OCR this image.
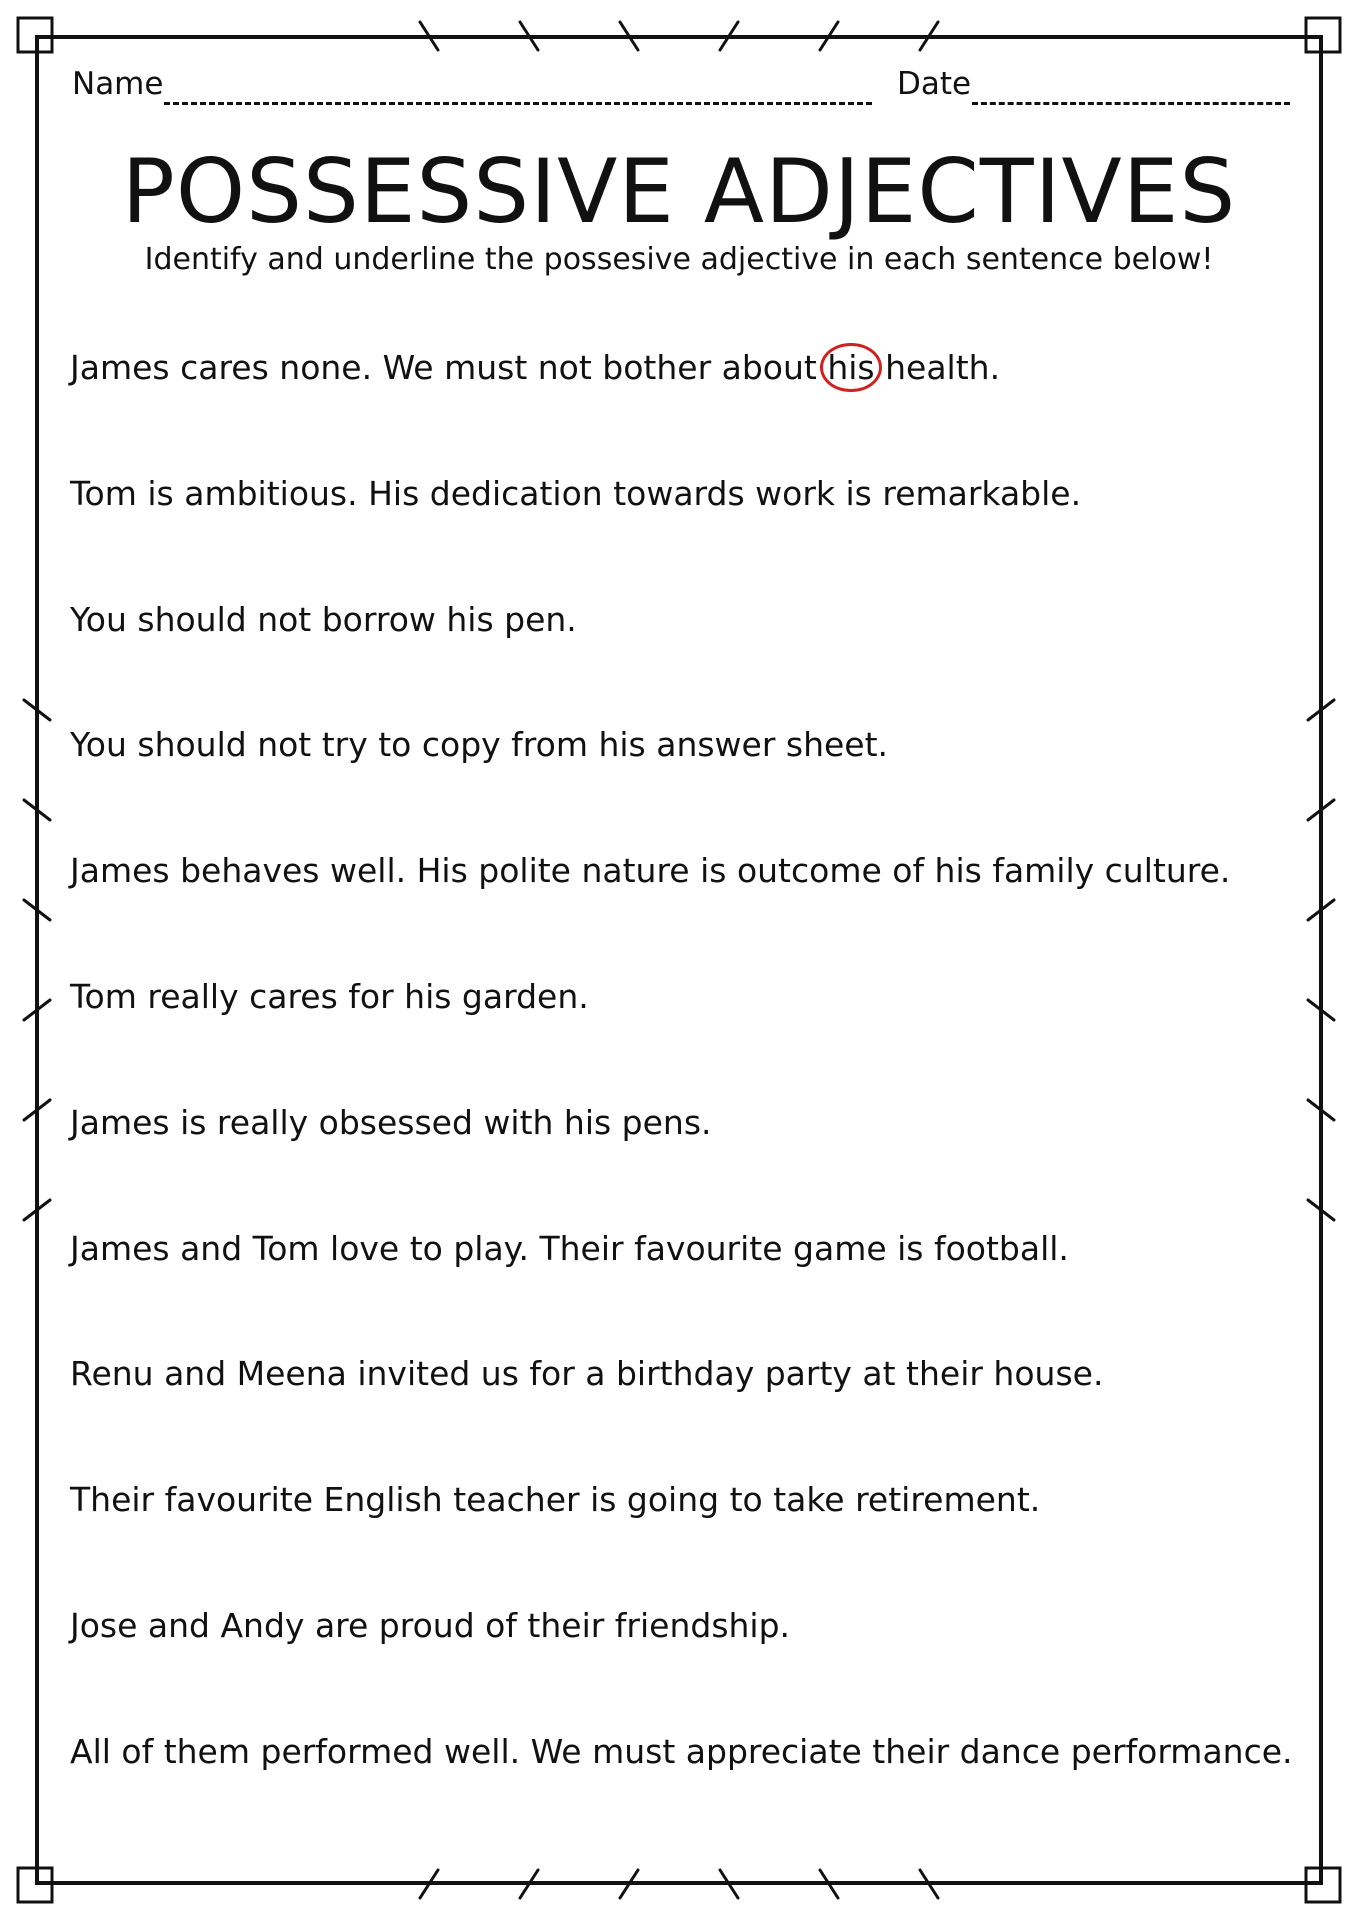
Name	Date
POSSESSIVE ADJECTIVES

Identify and underline the possesive adjective in each sentence below!

James cares none. We must not bother about his
health.

Tom is ambitious. His dedication towards work is remarkable.

You should not borrow his pen.

You should not try to copy from his answer sheet.

James behaves well. His polite nature is outcome of his family culture.

Tom really cares for his garden.

James is really obsessed with his pens.

James and Tom love to play. Their favourite game is football.

Renu and Meena invited us for a birthday party at their house.

Their favourite English teacher is going to take retirement.

Jose and Andy are proud of their friendship.

All of them performed well. We must appreciate their dance performance.
